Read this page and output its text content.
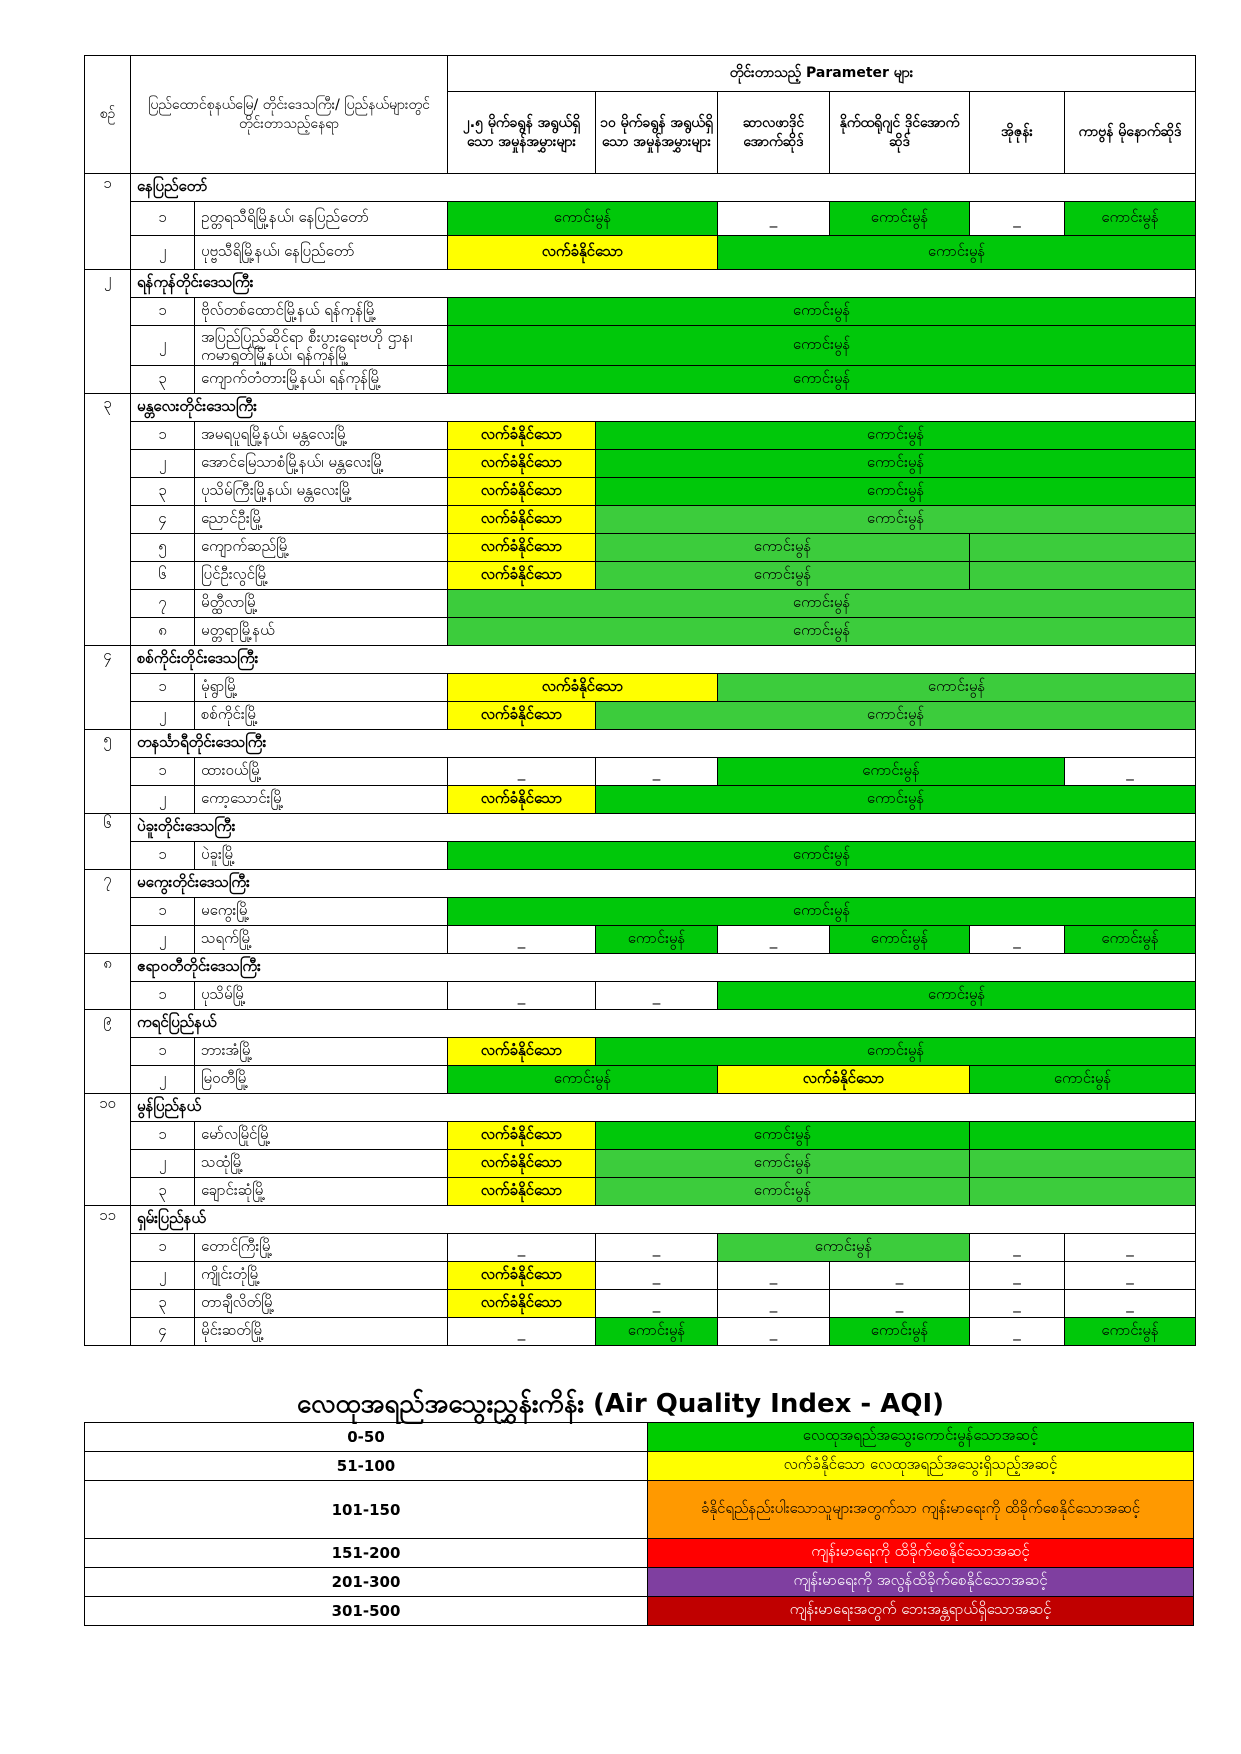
စဉ်	ပြည်ထောင်စုနယ်မြေ/ တိုင်းဒေသကြီး/ ပြည်နယ်များတွင် တိုင်းတာသည့်နေရာ		တိုင်းတာသည့် Parameter များ					
			၂.၅ မိုက်ခရွန် အရွယ်ရှိသော အမှုန်အမွှားများ	၁၀ မိုက်ခရွန် အရွယ်ရှိသော အမှုန်အမွှားများ	ဆာလဖာဒိုင် အောက်ဆိုဒ်	နိုက်ထရိုဂျင် ဒိုင်အောက် ဆိုဒ်	အိုဇုန်း	ကာဗွန် မိုနောက်ဆိုဒ်
၁	နေပြည်တော်							
	၁	ဥတ္တရသီရိမြို့နယ်၊ နေပြည်တော်	ကောင်းမွန်		_	ကောင်းမွန်	_	ကောင်းမွန်
	၂	ပုဗ္ဗသီရိမြို့နယ်၊ နေပြည်တော်	လက်ခံနိုင်သော		ကောင်းမွန်			
၂	ရန်ကုန်တိုင်းဒေသကြီး							
	၁	ဗိုလ်တစ်ထောင်မြို့နယ် ရန်ကုန်မြို့	ကောင်းမွန်					
	၂	အပြည်ပြည်ဆိုင်ရာ စီးပွားရေးဗဟို ဌာန၊ ကမာရွတ်မြို့နယ်၊ ရန်ကုန်မြို့	ကောင်းမွန်					
	၃	ကျောက်တံတားမြို့နယ်၊ ရန်ကုန်မြို့	ကောင်းမွန်					
၃	မန္တလေးတိုင်းဒေသကြီး							
	၁	အမရပူရမြို့နယ်၊ မန္တလေးမြို့	လက်ခံနိုင်သော	ကောင်းမွန်				
	၂	အောင်မြေသာစံမြို့နယ်၊ မန္တလေးမြို့	လက်ခံနိုင်သော	ကောင်းမွန်				
	၃	ပုသိမ်ကြီးမြို့နယ်၊ မန္တလေးမြို့	လက်ခံနိုင်သော	ကောင်းမွန်				
	၄	ညောင်ဦးမြို့	လက်ခံနိုင်သော	ကောင်းမွန်				
	၅	ကျောက်ဆည်မြို့	လက်ခံနိုင်သော	ကောင်းမွန်				
	၆	ပြင်ဦးလွင်မြို့	လက်ခံနိုင်သော	ကောင်းမွန်				
	၇	မိတ္ထီလာမြို့	ကောင်းမွန်					
	၈	မတ္တရာမြို့နယ်	ကောင်းမွန်					
၄	စစ်ကိုင်းတိုင်းဒေသကြီး							
	၁	မုံရွာမြို့	လက်ခံနိုင်သော		ကောင်းမွန်			
	၂	စစ်ကိုင်းမြို့	လက်ခံနိုင်သော	ကောင်းမွန်				
၅	တနင်္သာရီတိုင်းဒေသကြီး							
	၁	ထားဝယ်မြို့	_	_	ကောင်းမွန်			_
	၂	ကော့သောင်းမြို့	လက်ခံနိုင်သော	ကောင်းမွန်				
၆	ပဲခူးတိုင်းဒေသကြီး							
	၁	ပဲခူးမြို့	ကောင်းမွန်					
၇	မကွေးတိုင်းဒေသကြီး							
	၁	မကွေးမြို့	ကောင်းမွန်					
	၂	သရက်မြို့	_	ကောင်းမွန်	_	ကောင်းမွန်	_	ကောင်းမွန်
၈	ဧရာဝတီတိုင်းဒေသကြီး							
	၁	ပုသိမ်မြို့	_	_	ကောင်းမွန်			
၉	ကရင်ပြည်နယ်							
	၁	ဘားအံမြို့	လက်ခံနိုင်သော	ကောင်းမွန်				
	၂	မြဝတီမြို့	ကောင်းမွန်		လက်ခံနိုင်သော		ကောင်းမွန်	
၁၀	မွန်ပြည်နယ်							
	၁	မော်လမြိုင်မြို့	လက်ခံနိုင်သော	ကောင်းမွန်				
	၂	သထုံမြို့	လက်ခံနိုင်သော	ကောင်းမွန်				
	၃	ချောင်းဆုံမြို့	လက်ခံနိုင်သော	ကောင်းမွန်				
၁၁	ရှမ်းပြည်နယ်							
	၁	တောင်ကြီးမြို့	_	_	ကောင်းမွန်		_	_
	၂	ကျိုင်းတုံမြို့	လက်ခံနိုင်သော	_	_	_	_	_
	၃	တာချီလိတ်မြို့	လက်ခံနိုင်သော	_	_	_	_	_
	၄	မိုင်းဆတ်မြို့	_	ကောင်းမွန်	_	ကောင်းမွန်	_	ကောင်းမွန်
လေထုအရည်အသွေးညွှန်းကိန်း (Air Quality Index - AQI)
0-50	လေထုအရည်အသွေးကောင်းမွန်သောအဆင့်
51-100	လက်ခံနိုင်သော လေထုအရည်အသွေးရှိသည့်အဆင့်
101-150	ခံနိုင်ရည်နည်းပါးသောသူများအတွက်သာ ကျန်းမာရေးကို ထိခိုက်စေနိုင်သောအဆင့်
151-200	ကျန်းမာရေးကို ထိခိုက်စေနိုင်သောအဆင့်
201-300	ကျန်းမာရေးကို အလွန်ထိခိုက်စေနိုင်သောအဆင့်
301-500	ကျန်းမာရေးအတွက် ဘေးအန္တရာယ်ရှိသောအဆင့်
